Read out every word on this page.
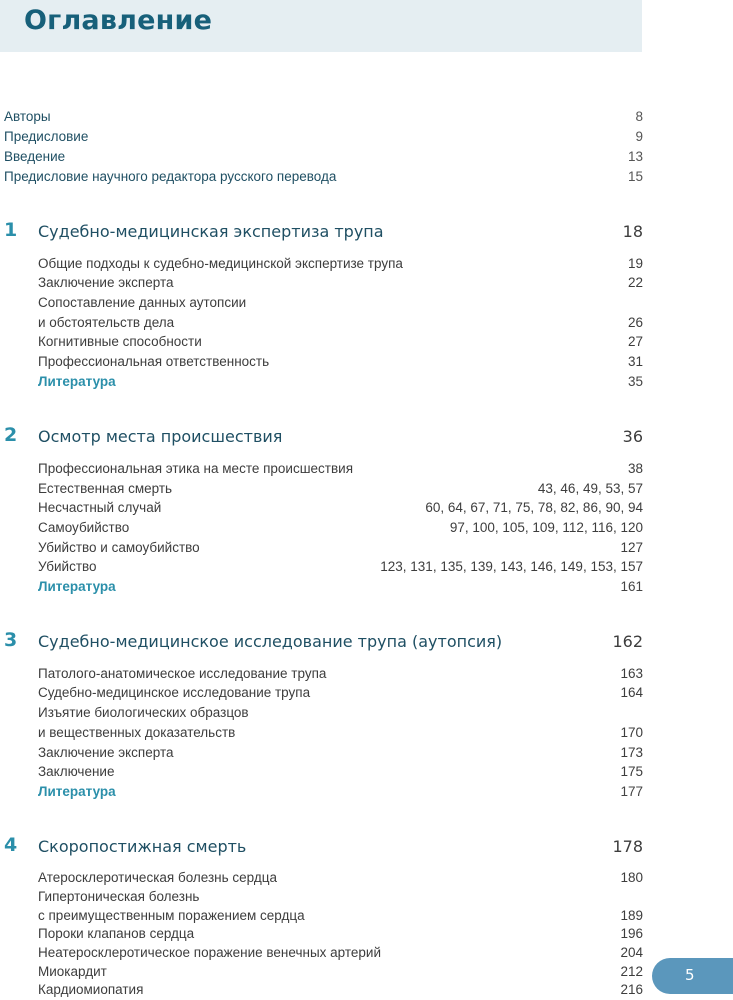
Оглавление
Авторы	8
Предисловие	9
Введение	13
Предисловие научного редактора русского перевода	15
1 Судебно-медицинская экспертиза трупа	18
Общие подходы к судебно-медицинской экспертизе трупа	19
Заключение эксперта	22
Сопоставление данных аутопсии
и обстоятельств дела	26
Когнитивные способности	27
Профессиональная ответственность	31
Литература	35
2 Осмотр места происшествия	36
Профессиональная этика на месте происшествия	38
Естественная смерть	43, 46, 49, 53, 57
Несчастный случай	60, 64, 67, 71, 75, 78, 82, 86, 90, 94
Самоубийство	97, 100, 105, 109, 112, 116, 120
Убийство и самоубийство	127
Убийство	123, 131, 135, 139, 143, 146, 149, 153, 157
Литература	161
3 Судебно-медицинское исследование трупа (аутопсия)	162
Патолого-анатомическое исследование трупа	163
Судебно-медицинское исследование трупа	164
Изъятие биологических образцов
и вещественных доказательств	170
Заключение эксперта	173
Заключение	175
Литература	177
4 Скоропостижная смерть	178
Атеросклеротическая болезнь сердца	180
Гипертоническая болезнь
с преимущественным поражением сердца	189
Пороки клапанов сердца	196
Неатеросклеротическое поражение венечных артерий	204
Миокардит	212
Кардиомиопатия	216
5
